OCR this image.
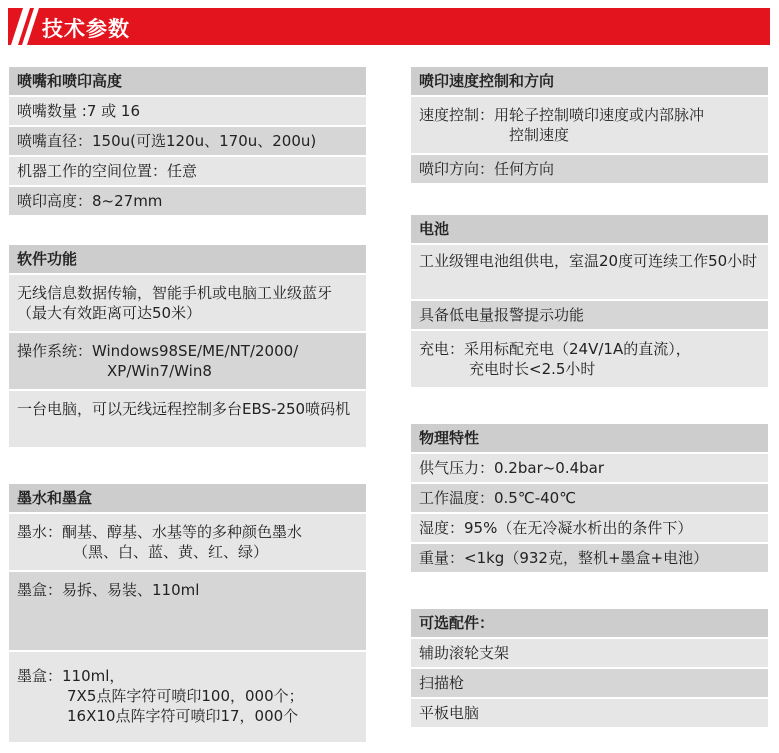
技术参数
喷嘴和喷印高度
喷嘴数量 :7 或 16
喷嘴直径：150u(可选120u、170u、200u)
机器工作的空间位置：任意
喷印高度：8~27mm
软件功能
无线信息数据传输，智能手机或电脑工业级蓝牙（最大有效距离可达50米）
操作系统：Windows98SE/ME/NT/2000/
XP/Win7/Win8
一台电脑，可以无线远程控制多台EBS-250喷码机
墨水和墨盒
墨水：酮基、醇基、水基等的多种颜色墨水
（黑、白、蓝、黄、红、绿）
墨盒：易拆、易装、110ml
墨盒：110ml，
7X5点阵字符可喷印100，000个；
16X10点阵字符可喷印17，000个
喷印速度控制和方向
速度控制：用轮子控制喷印速度或内部脉冲
控制速度
喷印方向：任何方向
电池
工业级锂电池组供电，室温20度可连续工作50小时
具备低电量报警提示功能
充电：采用标配充电（24V/1A的直流），
充电时长<2.5小时
物理特性
供气压力：0.2bar~0.4bar
工作温度：0.5℃-40℃
湿度：95%（在无冷凝水析出的条件下）
重量：<1kg（932克，整机+墨盒+电池）
可选配件：
辅助滚轮支架
扫描枪
平板电脑
